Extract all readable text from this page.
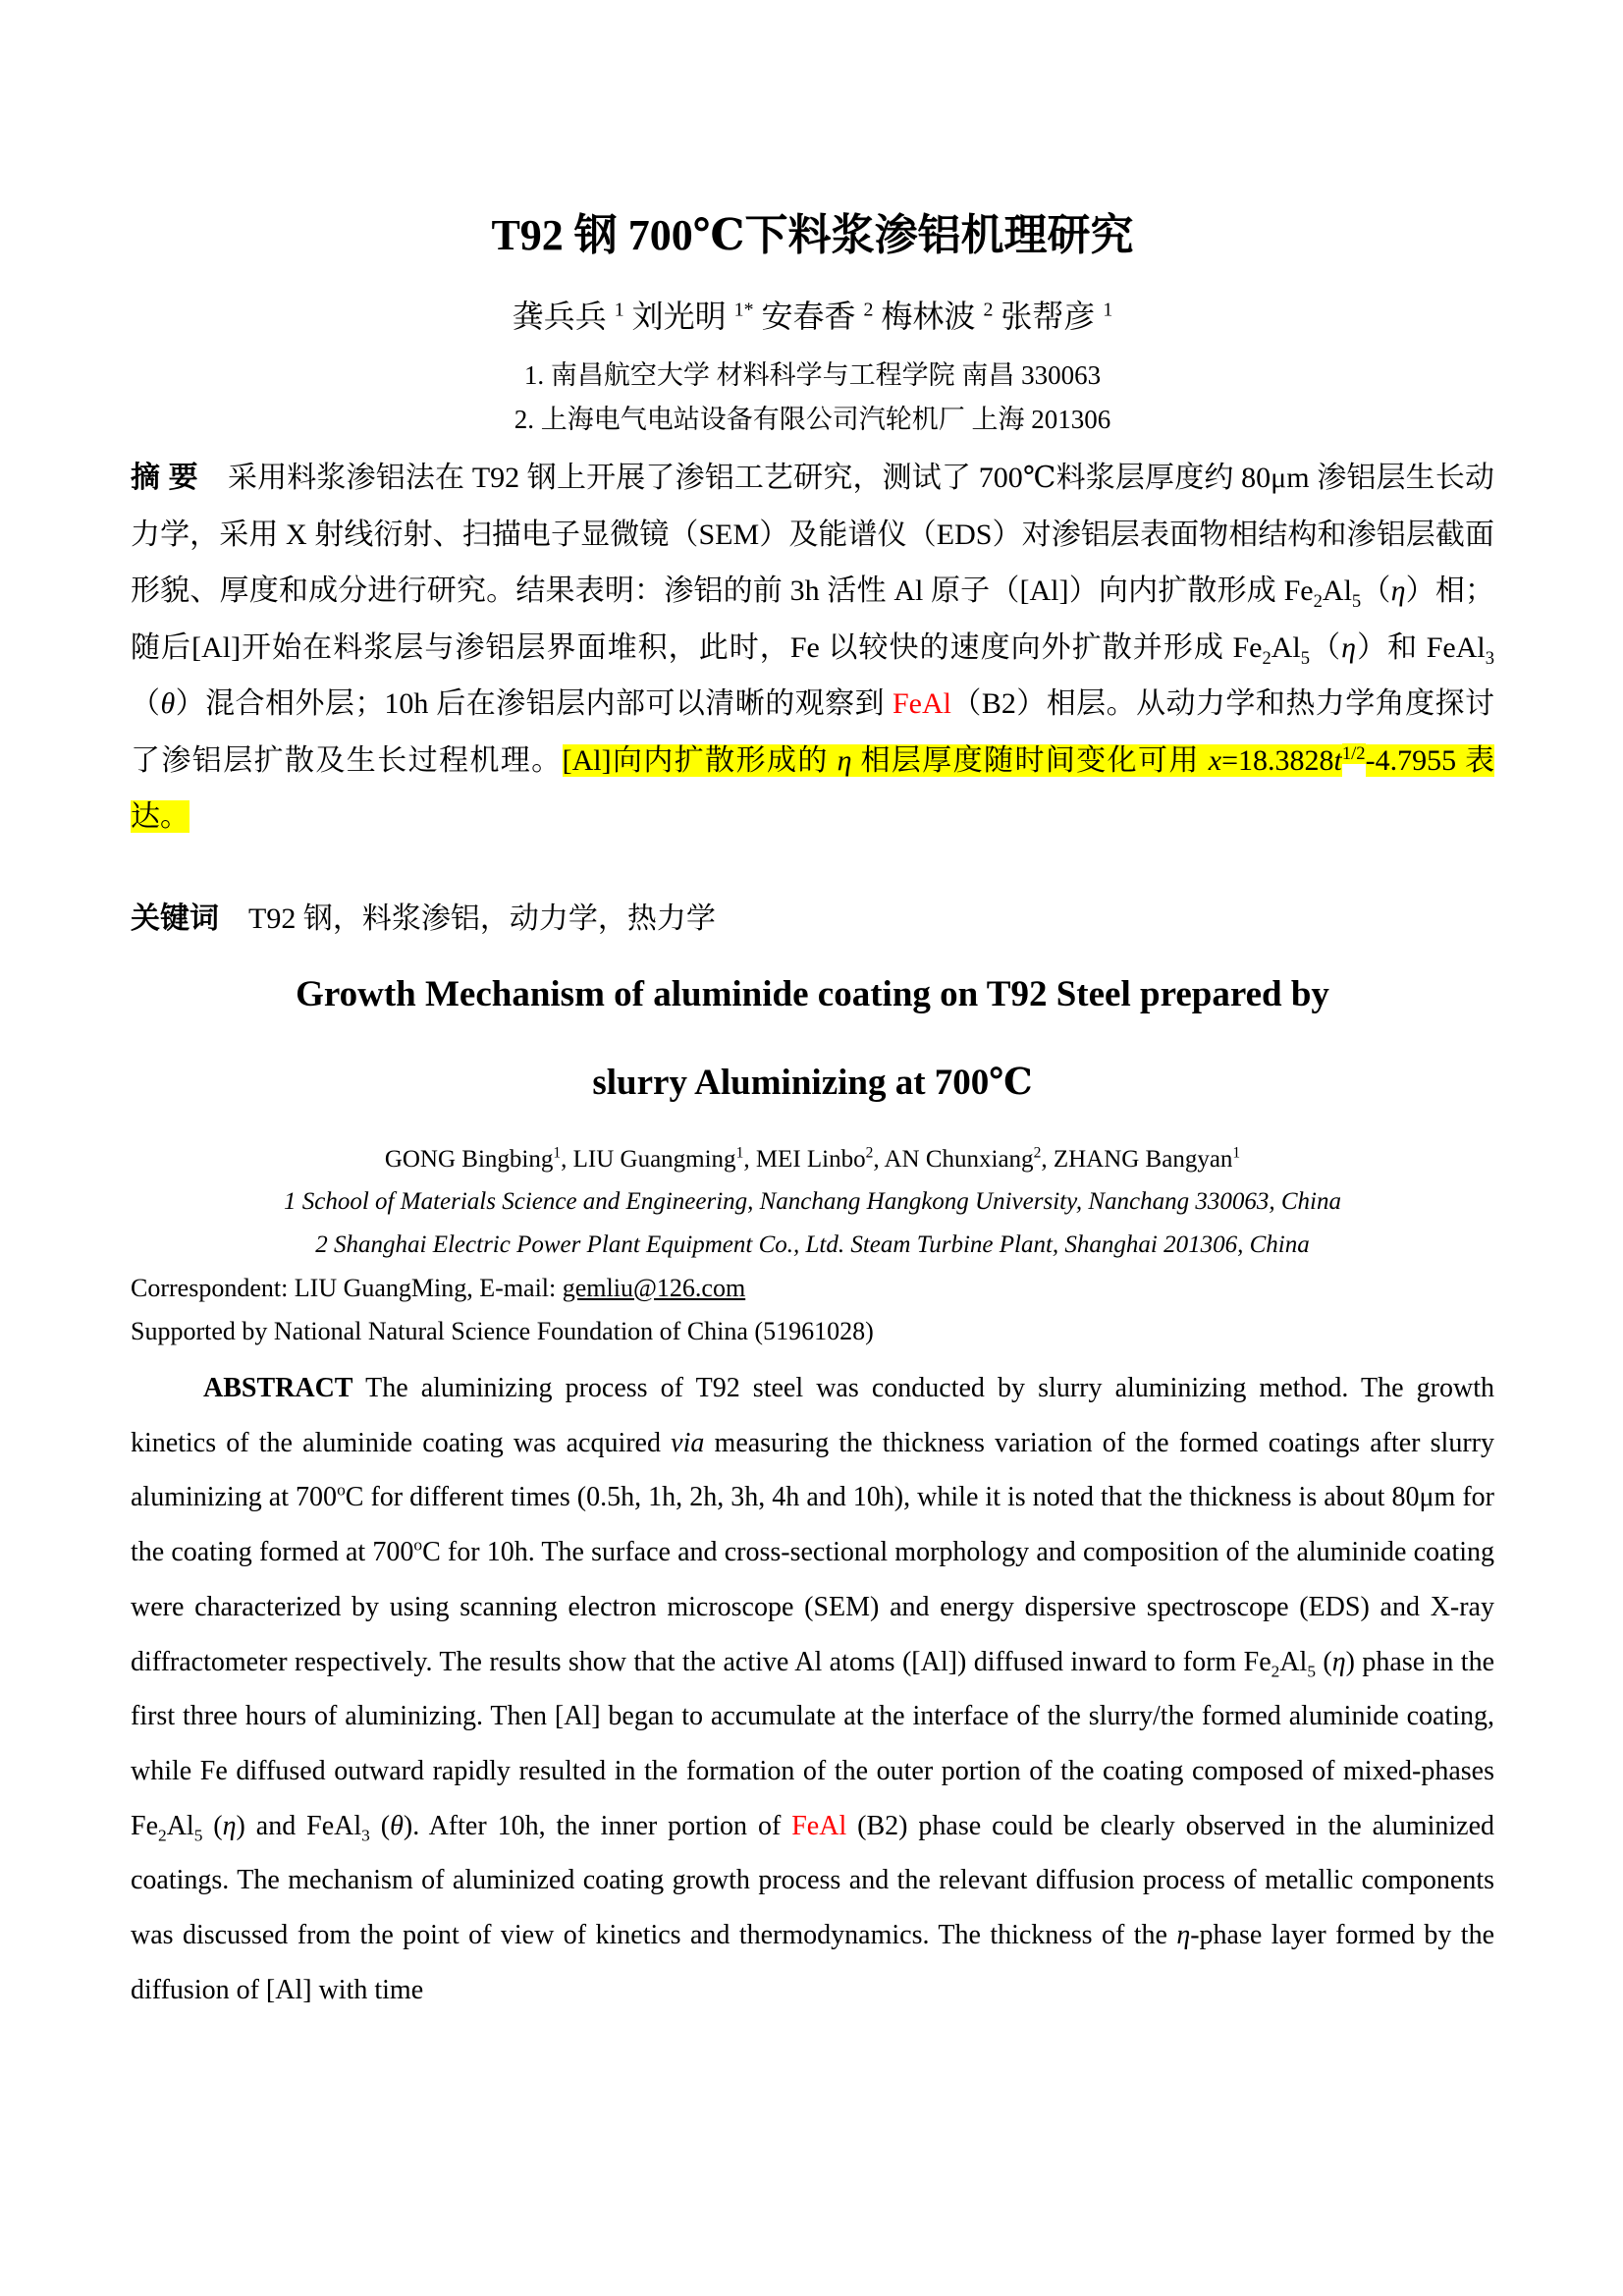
T92 钢 700℃下料浆渗铝机理研究
龚兵兵 $^1$ 刘光明 $^{1*}$ 安春香 $^2$ 梅林波 $^2$ 张帮彦 $^1$
1. 南昌航空大学 材料科学与工程学院 南昌 330063
2. 上海电气电站设备有限公司汽轮机厂 上海 201306

摘 要　采用料浆渗铝法在 T92 钢上开展了渗铝工艺研究，测试了 700℃料浆层厚度约 80μm 渗铝层生长动力学，采用 X 射线衍射、扫描电子显微镜（SEM）及能谱仪（EDS）对渗铝层表面物相结构和渗铝层截面形貌、厚度和成分进行研究。结果表明：渗铝的前 3h 活性 Al 原子（[Al]）向内扩散形成 $Fe_2Al_5(\eta)$相；随后[Al]开始在料浆层与渗铝层界面堆积，此时，Fe 以较快的速度向外扩散并形成 $Fe_2Al_5(\eta)$和 FeAl$_3$（θ）混合相外层；10h 后在渗铝层内部可以清晰的观察到 FeAl（B2）相层。从动力学和热力学角度探讨了渗铝层扩散及生长过程机理。[Al]向内扩散形成的 η 相层厚度随时间变化可用 $x=18.3828t^{1/2}-4.7955$ 表达。

关键词　T92 钢，料浆渗铝，动力学，热力学

Growth Mechanism of aluminide coating on T92 Steel prepared by
slurry Aluminizing at 700℃
GONG Bingbing$^1$, LIU Guangming$^1$, MEI Linbo$^2$, AN Chunxiang$^2$, ZHANG Bangyan$^1$
1 School of Materials Science and Engineering, Nanchang Hangkong University, Nanchang 330063, China
2 Shanghai Electric Power Plant Equipment Co., Ltd. Steam Turbine Plant, Shanghai 201306, China
Correspondent: LIU GuangMing, E-mail: gemliu@126.com
Supported by National Natural Science Foundation of China (51961028)

ABSTRACT The aluminizing process of T92 steel was conducted by slurry aluminizing method. The growth kinetics of the aluminide coating was acquired via measuring the thickness variation of the formed coatings after slurry aluminizing at 700$^o$C for different times (0.5h, 1h, 2h, 3h, 4h and 10h), while it is noted that the thickness is about 80μm for the coating formed at 700$^o$C for 10h. The surface and cross-sectional morphology and composition of the aluminide coating were characterized by using scanning electron microscope (SEM) and energy dispersive spectroscope (EDS) and X-ray diffractometer respectively. The results show that the active Al atoms ([Al]) diffused inward to form $Fe_2Al_5$ (η) phase in the first three hours of aluminizing. Then [Al] began to accumulate at the interface of the slurry/the formed aluminide coating, while Fe diffused outward rapidly resulted in the formation of the outer portion of the coating composed of mixed-phases $Fe_2Al_5$ (η) and FeAl$_3$ (θ). After 10h, the inner portion of FeAl (B2) phase could be clearly observed in the aluminized coatings. The mechanism of aluminized coating growth process and the relevant diffusion process of metallic components was discussed from the point of view of kinetics and thermodynamics. The thickness of the η-phase layer formed by the diffusion of [Al] with time
